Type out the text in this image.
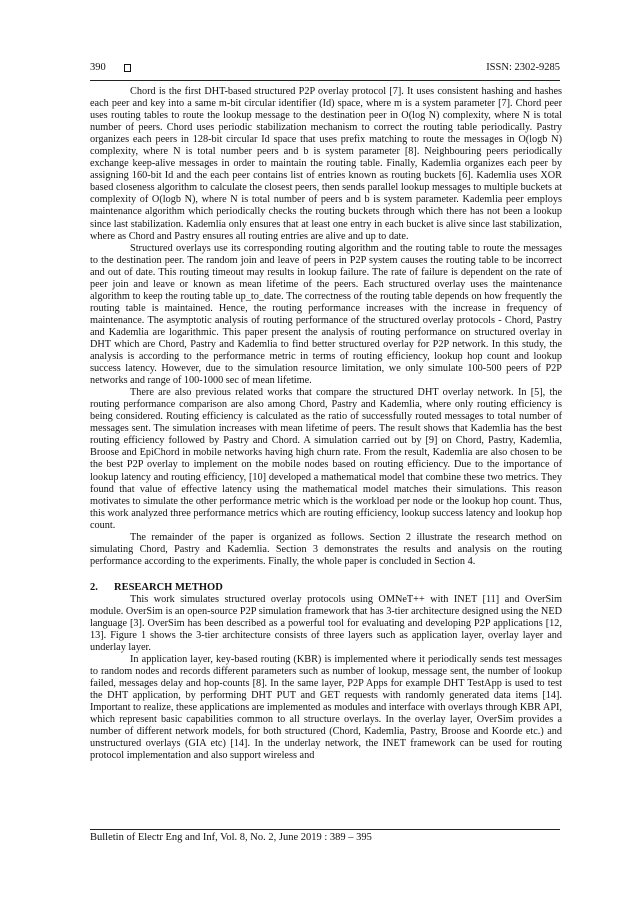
390	ISSN: 2302-9285

Chord is the first DHT-based structured P2P overlay protocol [7]. It uses consistent hashing and hashes each peer and key into a same m-bit circular identifier (Id) space, where m is a system parameter [7]. Chord peer uses routing tables to route the lookup message to the destination peer in O(log N) complexity, where N is total number of peers. Chord uses periodic stabilization mechanism to correct the routing table periodically. Pastry organizes each peers in 128-bit circular Id space that uses prefix matching to route the messages in O(logb N) complexity, where N is total number peers and b is system parameter [8]. Neighbouring peers periodically exchange keep-alive messages in order to maintain the routing table. Finally, Kademlia organizes each peer by assigning 160-bit Id and the each peer contains list of entries known as routing buckets [6]. Kademlia uses XOR based closeness algorithm to calculate the closest peers, then sends parallel lookup messages to multiple buckets at complexity of O(logb N), where N is total number of peers and b is system parameter. Kademlia peer employs maintenance algorithm which periodically checks the routing buckets through which there has not been a lookup since last stabilization. Kademlia only ensures that at least one entry in each bucket is alive since last stabilization, where as Chord and Pastry ensures all routing entries are alive and up to date.

Structured overlays use its corresponding routing algorithm and the routing table to route the messages to the destination peer. The random join and leave of peers in P2P system causes the routing table to be incorrect and out of date. This routing timeout may results in lookup failure. The rate of failure is dependent on the rate of peer join and leave or known as mean lifetime of the peers. Each structured overlay uses the maintenance algorithm to keep the routing table up_to_date. The correctness of the routing table depends on how frequently the routing table is maintained. Hence, the routing performance increases with the increase in frequency of maintenance. The asymptotic analysis of routing performance of the structured overlay protocols - Chord, Pastry and Kademlia are logarithmic. This paper present the analysis of routing performance on structured overlay in DHT which are Chord, Pastry and Kademlia to find better structured overlay for P2P network. In this study, the analysis is according to the performance metric in terms of routing efficiency, lookup hop count and lookup success latency. However, due to the simulation resource limitation, we only simulate 100-500 peers of P2P networks and range of 100-1000 sec of mean lifetime.

There are also previous related works that compare the structured DHT overlay network. In [5], the routing performance comparison are also among Chord, Pastry and Kademlia, where only routing efficiency is being considered. Routing efficiency is calculated as the ratio of successfully routed messages to total number of messages sent. The simulation increases with mean lifetime of peers. The result shows that Kademlia has the best routing efficiency followed by Pastry and Chord. A simulation carried out by [9] on Chord, Pastry, Kademlia, Broose and EpiChord in mobile networks having high churn rate. From the result, Kademlia are also chosen to be the best P2P overlay to implement on the mobile nodes based on routing efficiency. Due to the importance of lookup latency and routing efficiency, [10] developed a mathematical model that combine these two metrics. They found that value of effective latency using the mathematical model matches their simulations. This reason motivates to simulate the other performance metric which is the workload per node or the lookup hop count. Thus, this work analyzed three performance metrics which are routing efficiency, lookup success latency and lookup hop count.

The remainder of the paper is organized as follows. Section 2 illustrate the research method on simulating Chord, Pastry and Kademlia. Section 3 demonstrates the results and analysis on the routing performance according to the experiments. Finally, the whole paper is concluded in Section 4.

2. RESEARCH METHOD

This work simulates structured overlay protocols using OMNeT++ with INET [11] and OverSim module. OverSim is an open-source P2P simulation framework that has 3-tier architecture designed using the NED language [3]. OverSim has been described as a powerful tool for evaluating and developing P2P applications [12, 13]. Figure 1 shows the 3-tier architecture consists of three layers such as application layer, overlay layer and underlay layer.

In application layer, key-based routing (KBR) is implemented where it periodically sends test messages to random nodes and records different parameters such as number of lookup, message sent, the number of lookup failed, messages delay and hop-counts [8]. In the same layer, P2P Apps for example DHT TestApp is used to test the DHT application, by performing DHT PUT and GET requests with randomly generated data items [14]. Important to realize, these applications are implemented as modules and interface with overlays through KBR API, which represent basic capabilities common to all structure overlays. In the overlay layer, OverSim provides a number of different network models, for both structured (Chord, Kademlia, Pastry, Broose and Koorde etc.) and unstructured overlays (GIA etc) [14]. In the underlay network, the INET framework can be used for routing protocol implementation and also support wireless and

Bulletin of Electr Eng and Inf, Vol. 8, No. 2, June 2019 : 389 – 395
